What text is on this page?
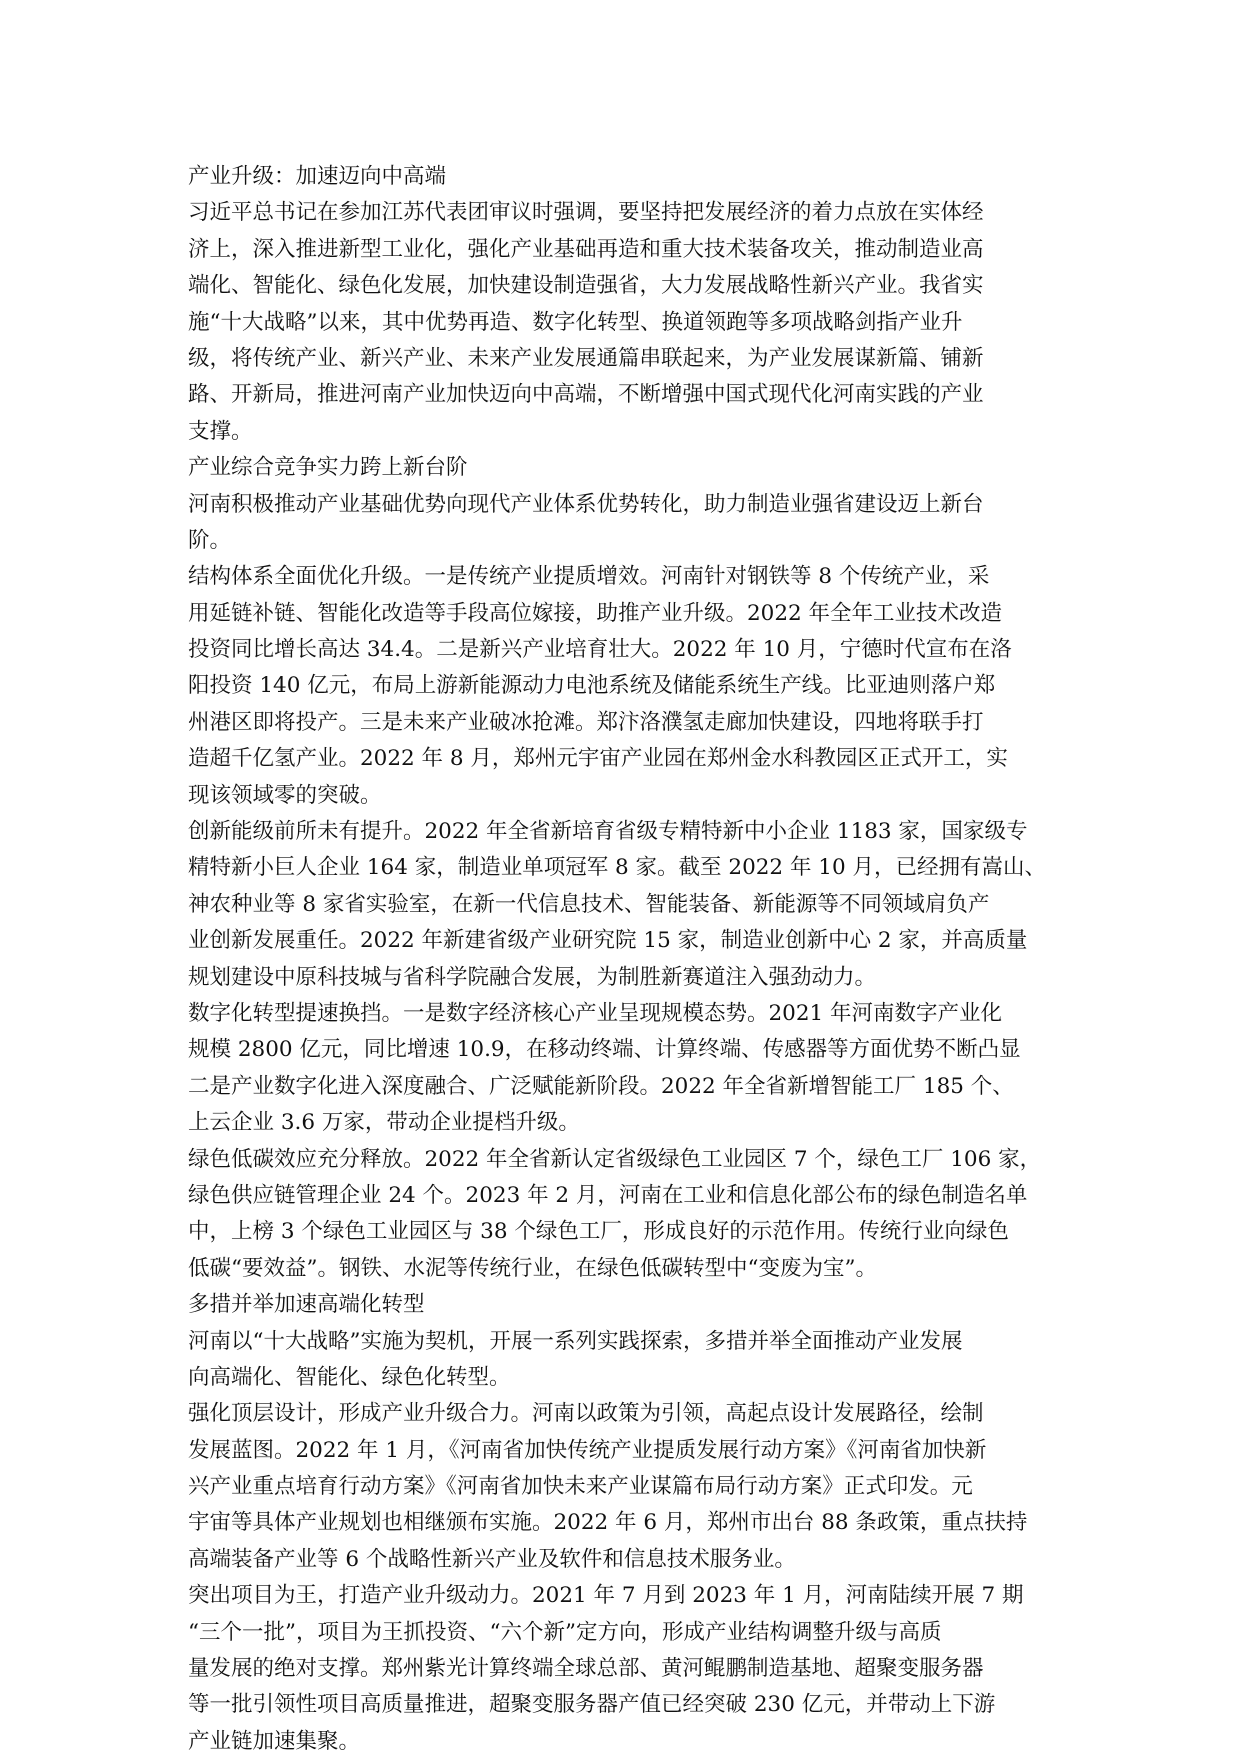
产业升级：加速迈向中高端
习近平总书记在参加江苏代表团审议时强调，要坚持把发展经济的着力点放在实体经
济上，深入推进新型工业化，强化产业基础再造和重大技术装备攻关，推动制造业高
端化、智能化、绿色化发展，加快建设制造强省，大力发展战略性新兴产业。我省实
施“十大战略”以来，其中优势再造、数字化转型、换道领跑等多项战略剑指产业升
级，将传统产业、新兴产业、未来产业发展通篇串联起来，为产业发展谋新篇、铺新
路、开新局，推进河南产业加快迈向中高端，不断增强中国式现代化河南实践的产业
支撑。
产业综合竞争实力跨上新台阶
河南积极推动产业基础优势向现代产业体系优势转化，助力制造业强省建设迈上新台
阶。
结构体系全面优化升级。一是传统产业提质增效。河南针对钢铁等 8 个传统产业，采
用延链补链、智能化改造等手段高位嫁接，助推产业升级。2022 年全年工业技术改造
投资同比增长高达 34.4。二是新兴产业培育壮大。2022 年 10 月，宁德时代宣布在洛
阳投资 140 亿元，布局上游新能源动力电池系统及储能系统生产线。比亚迪则落户郑
州港区即将投产。三是未来产业破冰抢滩。郑汴洛濮氢走廊加快建设，四地将联手打
造超千亿氢产业。2022 年 8 月，郑州元宇宙产业园在郑州金水科教园区正式开工，实
现该领域零的突破。
创新能级前所未有提升。2022 年全省新培育省级专精特新中小企业 1183 家，国家级专
精特新小巨人企业 164 家，制造业单项冠军 8 家。截至 2022 年 10 月，已经拥有嵩山、
神农种业等 8 家省实验室，在新一代信息技术、智能装备、新能源等不同领域肩负产
业创新发展重任。2022 年新建省级产业研究院 15 家，制造业创新中心 2 家，并高质量
规划建设中原科技城与省科学院融合发展，为制胜新赛道注入强劲动力。
数字化转型提速换挡。一是数字经济核心产业呈现规模态势。2021 年河南数字产业化
规模 2800 亿元，同比增速 10.9，在移动终端、计算终端、传感器等方面优势不断凸显
二是产业数字化进入深度融合、广泛赋能新阶段。2022 年全省新增智能工厂 185 个、
上云企业 3.6 万家，带动企业提档升级。
绿色低碳效应充分释放。2022 年全省新认定省级绿色工业园区 7 个，绿色工厂 106 家，
绿色供应链管理企业 24 个。2023 年 2 月，河南在工业和信息化部公布的绿色制造名单
中，上榜 3 个绿色工业园区与 38 个绿色工厂，形成良好的示范作用。传统行业向绿色
低碳“要效益”。钢铁、水泥等传统行业，在绿色低碳转型中“变废为宝”。
多措并举加速高端化转型
河南以“十大战略”实施为契机，开展一系列实践探索，多措并举全面推动产业发展
向高端化、智能化、绿色化转型。
强化顶层设计，形成产业升级合力。河南以政策为引领，高起点设计发展路径，绘制
发展蓝图。2022 年 1 月，《河南省加快传统产业提质发展行动方案》《河南省加快新
兴产业重点培育行动方案》《河南省加快未来产业谋篇布局行动方案》正式印发。元
宇宙等具体产业规划也相继颁布实施。2022 年 6 月，郑州市出台 88 条政策，重点扶持
高端装备产业等 6 个战略性新兴产业及软件和信息技术服务业。
突出项目为王，打造产业升级动力。2021 年 7 月到 2023 年 1 月，河南陆续开展 7 期
“三个一批”，项目为王抓投资、“六个新”定方向，形成产业结构调整升级与高质
量发展的绝对支撑。郑州紫光计算终端全球总部、黄河鲲鹏制造基地、超聚变服务器
等一批引领性项目高质量推进，超聚变服务器产值已经突破 230 亿元，并带动上下游
产业链加速集聚。
